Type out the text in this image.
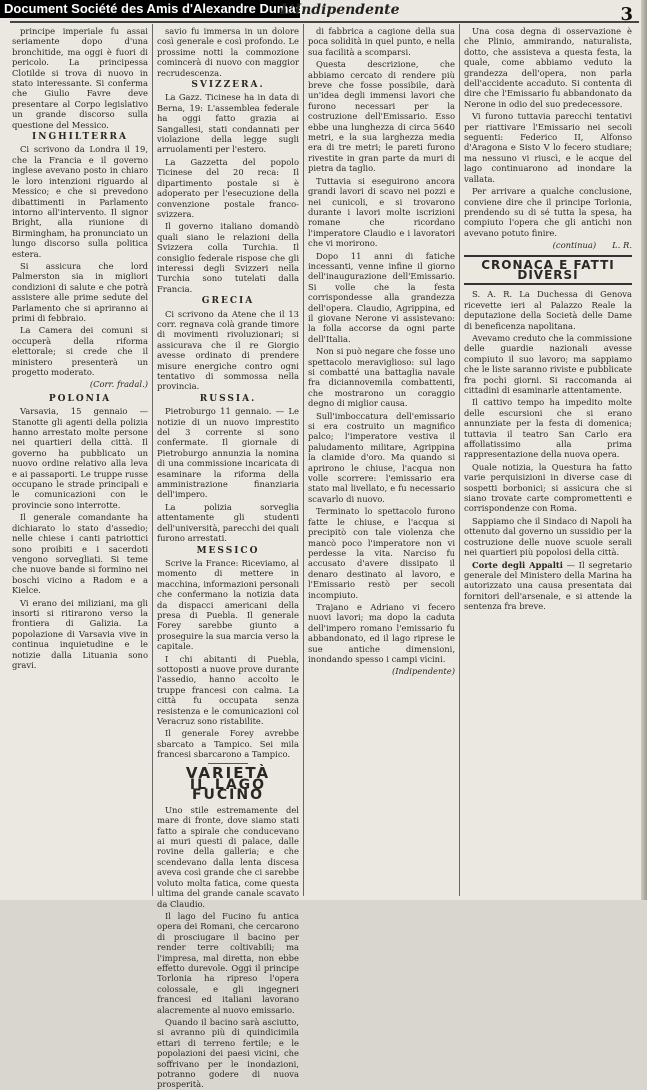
Document Société des Amis d'Alexandre Dumas
L'Indipendente	3

principe imperiale fu assai seriamente dopo d'una bronchitide, ma oggi è fuori di pericolo. La principessa Clotilde si trova di nuovo in stato interessante. Si conferma che Giulio Favre deve presentare al Corpo legislativo un grande discorso sulla questione del Messico.

INGHILTERRA

Ci scrivono da Londra il 19, che la Francia e il governo inglese avevano posto in chiaro le loro intenzioni riguardo al Messico; e che si prevedono dibattimenti in Parlamento intorno all'intervento. Il signor Bright, alla riunione di Birmingham, ha pronunciato un lungo discorso sulla politica estera.

Si assicura che lord Palmerston sia in migliori condizioni di salute e che potrà assistere alle prime sedute del Parlamento che si apriranno ai primi di febbraio.

La Camera dei comuni si occuperà della riforma elettorale; si crede che il ministero presenterà un progetto moderato.

(Corr. fradal.)
POLONIA

Varsavia, 15 gennaio — Stanotte gli agenti della polizia hanno arrestato molte persone nei quartieri della città. Il governo ha pubblicato un nuovo ordine relativo alla leva e ai passaporti. Le truppe russe occupano le strade principali e le comunicazioni con le provincie sono interrotte.

Il generale comandante ha dichiarato lo stato d'assedio; nelle chiese i canti patriottici sono proibiti e i sacerdoti vengono sorvegliati. Si teme che nuove bande si formino nei boschi vicino a Radom e a Kielce.

Vi erano dei miliziani, ma gli insorti si ritirarono verso la frontiera di Galizia. La popolazione di Varsavia vive in continua inquietudine e le notizie dalla Lituania sono gravi.

savio fu immersa in un dolore così generale e così profondo. Le prossime notti la commozione comincerà di nuovo con maggior recrudescenza.

SVIZZERA.

La Gazz. Ticinese ha in data di Berna, 19: L'assemblea federale ha oggi fatto grazia ai Sangallesi, stati condannati per violazione della legge sugli arruolamenti per l'estero.

La Gazzetta del popolo Ticinese del 20 reca: Il dipartimento postale si è adoperato per l'esecuzione della convenzione postale franco-svizzera.

Il governo italiano domandò quali siano le relazioni della Svizzera colla Turchia. Il consiglio federale rispose che gli interessi degli Svizzeri nella Turchia sono tutelati dalla Francia.

GRECIA

Ci scrivono da Atene che il 13 corr. regnava colà grande timore di movimenti rivoluzionari; si assicurava che il re Giorgio avesse ordinato di prendere misure energiche contro ogni tentativo di sommossa nella provincia.

RUSSIA.

Pietroburgo 11 gennaio. — Le notizie di un nuovo imprestito del 3 corrente si sono confermate. Il giornale di Pietroburgo annunzia la nomina di una commissione incaricata di esaminare la riforma della amministrazione finanziaria dell'impero.

La polizia sorveglia attentamente gli studenti dell'università, parecchi dei quali furono arrestati.

MESSICO

Scrive la France: Riceviamo, al momento di mettere in macchina, informazioni personali che confermano la notizia data da dispacci americani della presa di Puebla. Il generale Forey sarebbe giunto a proseguire la sua marcia verso la capitale.

I chi abitanti di Puebla, sottoposti a nuove prove durante l'assedio, hanno accolto le truppe francesi con calma. La città fu occupata senza resistenza e le comunicazioni col Veracruz sono ristabilite.

Il generale Forey avrebbe sbarcato a Tampico. Sei mila francesi sbarcarono a Tampico.

VARIETÀ
IL LAGO FUCINO

Uno stile estremamente del mare di fronte, dove siamo stati fatto a spirale che conducevano ai muri questi di palace, dalle rovine della galleria; e che scendevano dalla lenta discesa aveva così grande che ci sarebbe voluto molta fatica, come questa ultima del grande canale scavato da Claudio.

Il lago del Fucino fu antica opera dei Romani, che cercarono di prosciugare il bacino per render terre coltivabili; ma l'impresa, mal diretta, non ebbe effetto durevole. Oggi il principe Torlonia ha ripreso l'opera colossale, e gli ingegneri francesi ed italiani lavorano alacremente al nuovo emissario.

Quando il bacino sarà asciutto, si avranno più di quindicimila ettari di terreno fertile; e le popolazioni dei paesi vicini, che soffrivano per le inondazioni, potranno godere di nuova prosperità.

di fabbrica a cagione della sua poca solidità in quel punto, e nella sua facilità a scomparsi.

Questa descrizione, che abbiamo cercato di rendere più breve che fosse possibile, darà un'idea degli immensi lavori che furono necessari per la costruzione dell'Emissario. Esso ebbe una lunghezza di circa 5640 metri, e la sua larghezza media era di tre metri; le pareti furono rivestite in gran parte da muri di pietra da taglio.

Tuttavia si eseguirono ancora grandi lavori di scavo nei pozzi e nei cunicoli, e si trovarono durante i lavori molte iscrizioni romane che ricordano l'imperatore Claudio e i lavoratori che vi morirono.

Dopo 11 anni di fatiche incessanti, venne infine il giorno dell'inaugurazione dell'Emissario. Si volle che la festa corrispondesse alla grandezza dell'opera. Claudio, Agrippina, ed il giovane Nerone vi assistevano: la folla accorse da ogni parte dell'Italia.

Non si può negare che fosse uno spettacolo meraviglioso: sul lago si combatté una battaglia navale fra diciannovemila combattenti, che mostrarono un coraggio degno di miglior causa.

Sull'imboccatura dell'emissario si era costruito un magnifico palco; l'imperatore vestiva il paludamento militare, Agrippina la clamide d'oro. Ma quando si aprirono le chiuse, l'acqua non volle scorrere: l'emissario era stato mal livellato, e fu necessario scavarlo di nuovo.

Terminato lo spettacolo furono fatte le chiuse, e l'acqua si precipitò con tale violenza che mancò poco l'imperatore non vi perdesse la vita. Narciso fu accusato d'avere dissipato il denaro destinato al lavoro, e l'Emissario restò per secoli incompiuto.

Trajano e Adriano vi fecero nuovi lavori; ma dopo la caduta dell'impero romano l'emissario fu abbandonato, ed il lago riprese le sue antiche dimensioni, inondando spesso i campi vicini.

(Indipendente)

Una cosa degna di osservazione è che Plinio, ammirando, naturalista, dotto, che assisteva a questa festa, la quale, come abbiamo veduto la grandezza dell'opera, non parla dell'accidente accaduto. Si contenta di dire che l'Emissario fu abbandonato da Nerone in odio del suo predecessore.

Vi furono tuttavia parecchi tentativi per riattivare l'Emissario nei secoli seguenti: Federico II, Alfonso d'Aragona e Sisto V lo fecero studiare; ma nessuno vi riuscì, e le acque del lago continuarono ad inondare la vallata.

Per arrivare a qualche conclusione, conviene dire che il principe Torlonia, prendendo su di sé tutta la spesa, ha compiuto l'opera che gli antichi non avevano potuto finire.

(continua) L. R.
CRONACA E FATTI DIVERSI

S. A. R. La Duchessa di Genova ricevette ieri al Palazzo Reale la deputazione della Società delle Dame di beneficenza napolitana.

Avevamo creduto che la commissione delle guardie nazionali avesse compiuto il suo lavoro; ma sappiamo che le liste saranno riviste e pubblicate fra pochi giorni. Si raccomanda ai cittadini di esaminarle attentamente.

Il cattivo tempo ha impedito molte delle escursioni che si erano annunziate per la festa di domenica; tuttavia il teatro San Carlo era affollatissimo alla prima rappresentazione della nuova opera.

Quale notizia, la Questura ha fatto varie perquisizioni in diverse case di sospetti borbonici; si assicura che si siano trovate carte compromettenti e corrispondenze con Roma.

Sappiamo che il Sindaco di Napoli ha ottenuto dal governo un sussidio per la costruzione delle nuove scuole serali nei quartieri più popolosi della città.

Corte degli Appalti — Il segretario generale del Ministero della Marina ha autorizzato una causa presentata dai fornitori dell'arsenale, e si attende la sentenza fra breve.
